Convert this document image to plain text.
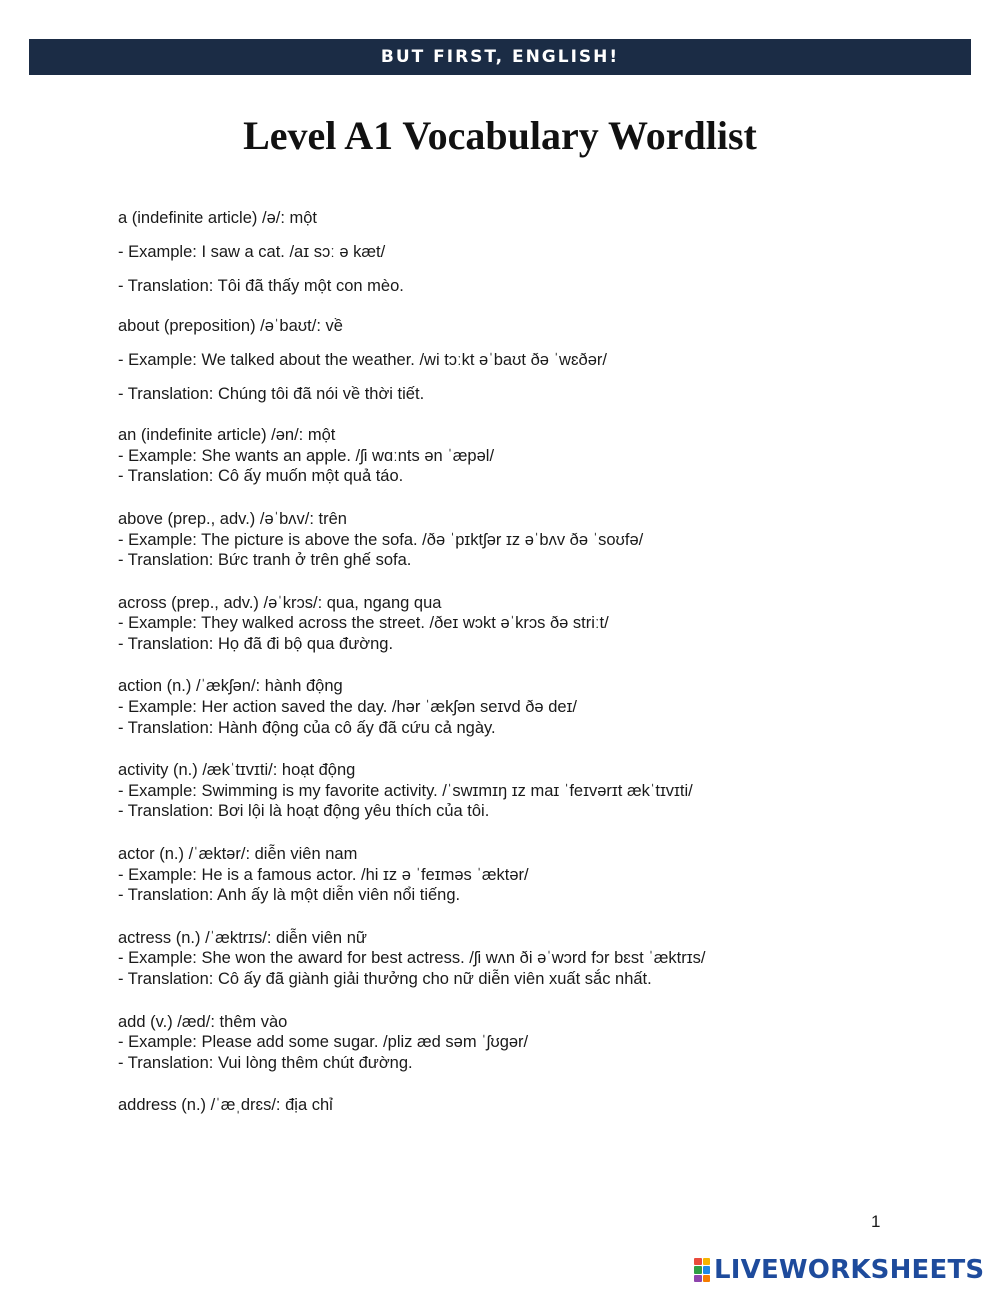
BUT FIRST, ENGLISH!
Level A1 Vocabulary Wordlist

a (indefinite article) /ə/: một

- Example: I saw a cat. /aɪ sɔː ə kæt/

- Translation: Tôi đã thấy một con mèo.

about (preposition) /əˈbaʊt/: về

- Example: We talked about the weather. /wi tɔːkt əˈbaʊt ðə ˈwɛðər/

- Translation: Chúng tôi đã nói về thời tiết.

an (indefinite article) /ən/: một

- Example: She wants an apple. /ʃi wɑːnts ən ˈæpəl/

- Translation: Cô ấy muốn một quả táo.

above (prep., adv.) /əˈbʌv/: trên

- Example: The picture is above the sofa. /ðə ˈpɪktʃər ɪz əˈbʌv ðə ˈsoʊfə/

- Translation: Bức tranh ở trên ghế sofa.

across (prep., adv.) /əˈkrɔs/: qua, ngang qua

- Example: They walked across the street. /ðeɪ wɔkt əˈkrɔs ðə striːt/

- Translation: Họ đã đi bộ qua đường.

action (n.) /ˈækʃən/: hành động

- Example: Her action saved the day. /hər ˈækʃən seɪvd ðə deɪ/

- Translation: Hành động của cô ấy đã cứu cả ngày.

activity (n.) /ækˈtɪvɪti/: hoạt động

- Example: Swimming is my favorite activity. /ˈswɪmɪŋ ɪz maɪ ˈfeɪvərɪt ækˈtɪvɪti/

- Translation: Bơi lội là hoạt động yêu thích của tôi.

actor (n.) /ˈæktər/: diễn viên nam

- Example: He is a famous actor. /hi ɪz ə ˈfeɪməs ˈæktər/

- Translation: Anh ấy là một diễn viên nổi tiếng.

actress (n.) /ˈæktrɪs/: diễn viên nữ

- Example: She won the award for best actress. /ʃi wʌn ði əˈwɔrd fɔr bɛst ˈæktrɪs/

- Translation: Cô ấy đã giành giải thưởng cho nữ diễn viên xuất sắc nhất.

add (v.) /æd/: thêm vào

- Example: Please add some sugar. /pliz æd səm ˈʃʊgər/

- Translation: Vui lòng thêm chút đường.

address (n.) /ˈæˌdrɛs/: địa chỉ

1
LIVEWORKSHEETS
